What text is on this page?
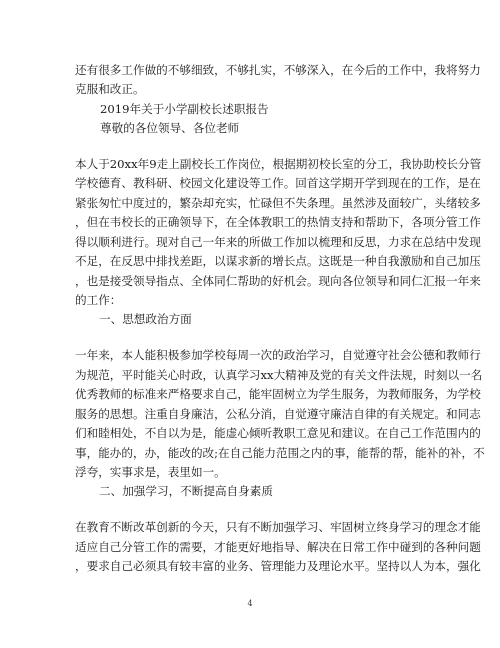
还有很多工作做的不够细致，不够扎实，不够深入，在今后的工作中，我将努力
克服和改正。
2019年关于小学副校长述职报告
尊敬的各位领导、各位老师
本人于20xx年9走上副校长工作岗位，根据期初校长室的分工，我协助校长分管
学校德育、教科研、校园文化建设等工作。回首这学期开学到现在的工作，是在
紧张匆忙中度过的，繁杂却充实，忙碌但不失条理。虽然涉及面较广，头绪较多
，但在韦校长的正确领导下，在全体教职工的热情支持和帮助下，各项分管工作
得以顺利进行。现对自己一年来的所做工作加以梳理和反思，力求在总结中发现
不足，在反思中排找差距，以谋求新的增长点。这既是一种自我激励和自己加压
，也是接受领导指点、全体同仁帮助的好机会。现向各位领导和同仁汇报一年来
的工作：
一、思想政治方面
一年来，本人能积极参加学校每周一次的政治学习，自觉遵守社会公德和教师行
为规范，平时能关心时政，认真学习xx大精神及党的有关文件法规，时刻以一名
优秀教师的标准来严格要求自己，能牢固树立为学生服务，为教师服务，为学校
服务的思想。注重自身廉洁，公私分消，自觉遵守廉洁自律的有关规定。和同志
们和睦相处，不自以为是，能虚心倾听教职工意见和建议。在自己工作范围内的
事，能办的，办，能改的改;在自己能力范围之内的事，能帮的帮，能补的补，不
浮夸，实事求是，表里如一。
二、加强学习，不断提高自身素质
在教育不断改革创新的今天，只有不断加强学习、牢固树立终身学习的理念才能
适应自己分管工作的需要，才能更好地指导、解决在日常工作中碰到的各种问题
，要求自己必须具有较丰富的业务、管理能力及理论水平。坚持以人为本，强化
4
